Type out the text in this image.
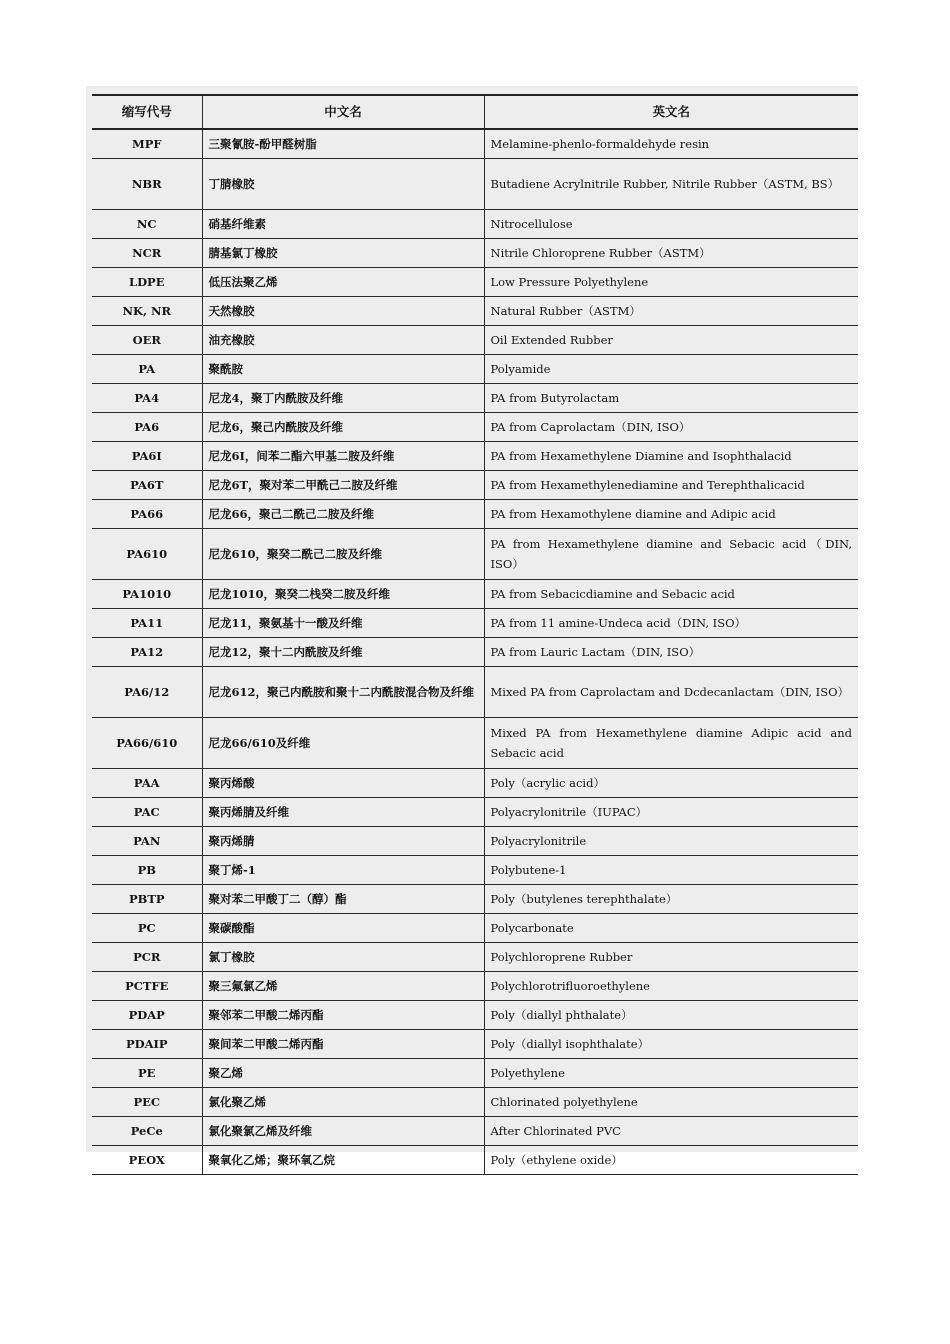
缩写代号	中文名	英文名
MPF	三聚氰胺-酚甲醛树脂	Melamine-phenlo-formaldehyde resin
NBR	丁腈橡胶	Butadiene Acrylnitrile Rubber, Nitrile Rubber（ASTM, BS）
NC	硝基纤维素	Nitrocellulose
NCR	腈基氯丁橡胶	Nitrile Chloroprene Rubber（ASTM）
LDPE	低压法聚乙烯	Low Pressure Polyethylene
NK, NR	天然橡胶	Natural Rubber（ASTM）
OER	油充橡胶	Oil Extended Rubber
PA	聚酰胺	Polyamide
PA4	尼龙4，聚丁内酰胺及纤维	PA from Butyrolactam
PA6	尼龙6，聚己内酰胺及纤维	PA from Caprolactam（DIN, ISO）
PA6I	尼龙6I，间苯二酯六甲基二胺及纤维	PA from Hexamethylene Diamine and Isophthalacid
PA6T	尼龙6T，聚对苯二甲酰己二胺及纤维	PA from Hexamethylenediamine and Terephthalicacid
PA66	尼龙66，聚己二酰己二胺及纤维	PA from Hexamothylene diamine and Adipic acid
PA610	尼龙610，聚癸二酰己二胺及纤维	PA from Hexamethylene diamine and Sebacic acid（DIN, ISO）
PA1010	尼龙1010，聚癸二栈癸二胺及纤维	PA from Sebacicdiamine and Sebacic acid
PA11	尼龙11，聚氨基十一酸及纤维	PA from 11 amine-Undeca acid（DIN, ISO）
PA12	尼龙12，聚十二内酰胺及纤维	PA from Lauric Lactam（DIN, ISO）
PA6/12	尼龙612，聚己内酰胺和聚十二内酰胺混合物及纤维	Mixed PA from Caprolactam and Dcdecanlactam（DIN, ISO）
PA66/610	尼龙66/610及纤维	Mixed PA from Hexamethylene diamine Adipic acid and Sebacic acid
PAA	聚丙烯酸	Poly（acrylic acid）
PAC	聚丙烯腈及纤维	Polyacrylonitrile（IUPAC）
PAN	聚丙烯腈	Polyacrylonitrile
PB	聚丁烯-1	Polybutene-1
PBTP	聚对苯二甲酸丁二（醇）酯	Poly（butylenes terephthalate）
PC	聚碳酸酯	Polycarbonate
PCR	氯丁橡胶	Polychloroprene Rubber
PCTFE	聚三氟氯乙烯	Polychlorotrifluoroethylene
PDAP	聚邻苯二甲酸二烯丙酯	Poly（diallyl phthalate）
PDAIP	聚间苯二甲酸二烯丙酯	Poly（diallyl isophthalate）
PE	聚乙烯	Polyethylene
PEC	氯化聚乙烯	Chlorinated polyethylene
PeCe	氯化聚氯乙烯及纤维	After Chlorinated PVC
PEOX	聚氧化乙烯；聚环氧乙烷	Poly（ethylene oxide）
